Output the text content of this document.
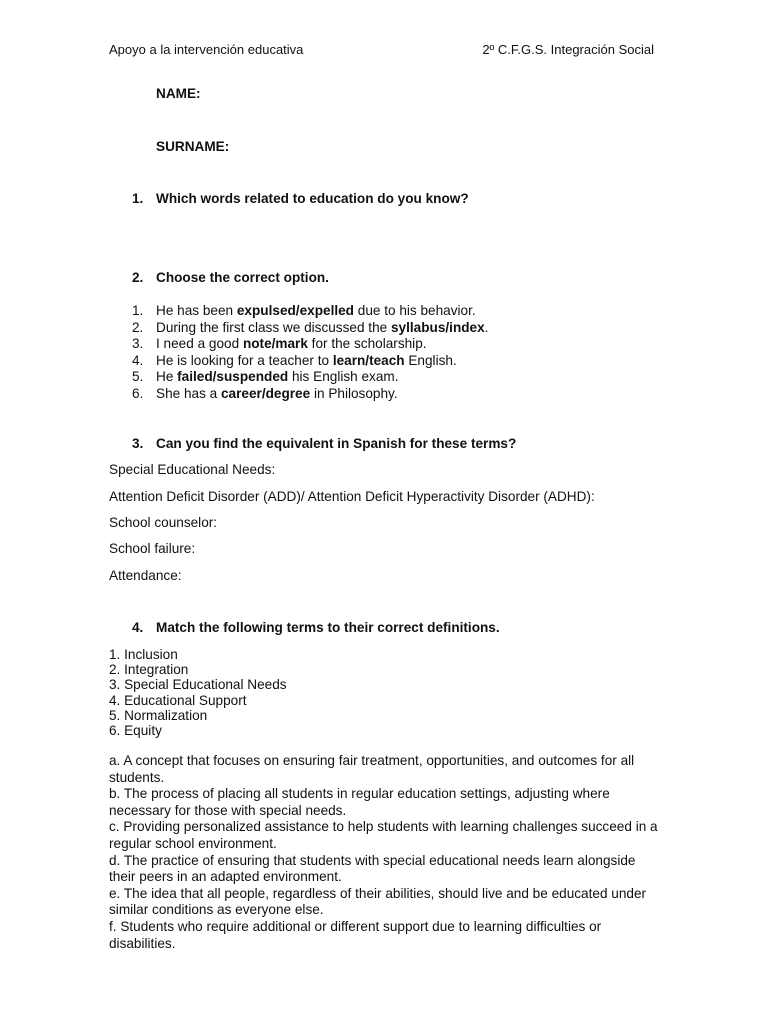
Apoyo a la intervención educativa	2º C.F.G.S. Integración Social
NAME:
SURNAME:
1. Which words related to education do you know?
2. Choose the correct option.
1. He has been expulsed/expelled due to his behavior.
2. During the first class we discussed the syllabus/index.
3. I need a good note/mark for the scholarship.
4. He is looking for a teacher to learn/teach English.
5. He failed/suspended his English exam.
6. She has a career/degree in Philosophy.
3. Can you find the equivalent in Spanish for these terms?
Special Educational Needs:
Attention Deficit Disorder (ADD)/ Attention Deficit Hyperactivity Disorder (ADHD):
School counselor:
School failure:
Attendance:
4. Match the following terms to their correct definitions.
1. Inclusion
2. Integration
3. Special Educational Needs
4. Educational Support
5. Normalization
6. Equity
a. A concept that focuses on ensuring fair treatment, opportunities, and outcomes for all students.
b. The process of placing all students in regular education settings, adjusting where necessary for those with special needs.
c. Providing personalized assistance to help students with learning challenges succeed in a regular school environment.
d. The practice of ensuring that students with special educational needs learn alongside their peers in an adapted environment.
e. The idea that all people, regardless of their abilities, should live and be educated under similar conditions as everyone else.
f. Students who require additional or different support due to learning difficulties or disabilities.
